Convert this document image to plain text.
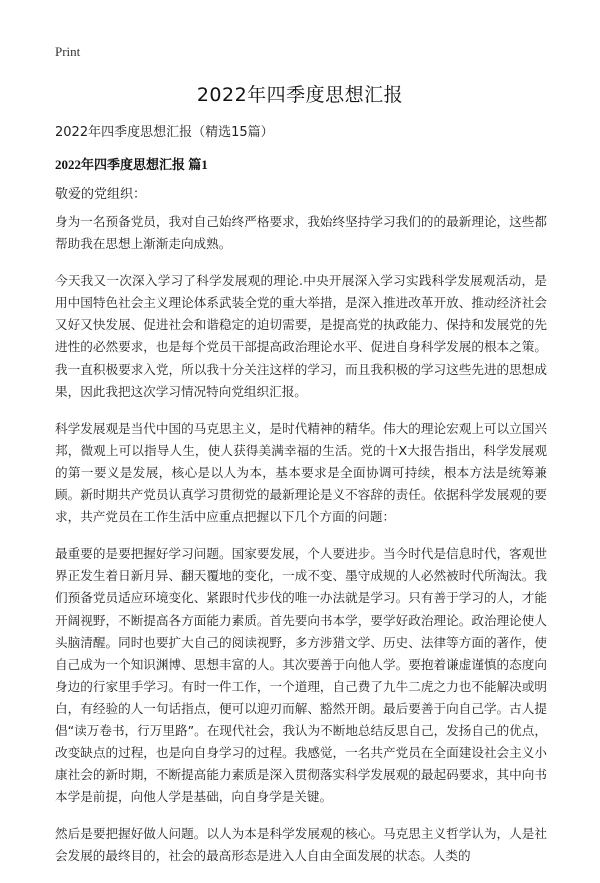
Print
2022年四季度思想汇报
2022年四季度思想汇报（精选15篇）
2022年四季度思想汇报 篇1
敬爱的党组织：

身为一名预备党员，我对自己始终严格要求，我始终坚持学习我们的的最新理论，这些都帮助我在思想上渐渐走向成熟。

今天我又一次深入学习了科学发展观的理论.中央开展深入学习实践科学发展观活动，是用中国特色社会主义理论体系武装全党的重大举措，是深入推进改革开放、推动经济社会又好又快发展、促进社会和谐稳定的迫切需要，是提高党的执政能力、保持和发展党的先进性的必然要求，也是每个党员干部提高政治理论水平、促进自身科学发展的根本之策。我一直积极要求入党，所以我十分关注这样的学习，而且我积极的学习这些先进的思想成果，因此我把这次学习情况特向党组织汇报。

科学发展观是当代中国的马克思主义，是时代精神的精华。伟大的理论宏观上可以立国兴邦，微观上可以指导人生，使人获得美满幸福的生活。党的十X大报告指出，科学发展观的第一要义是发展，核心是以人为本，基本要求是全面协调可持续，根本方法是统筹兼顾。新时期共产党员认真学习贯彻党的最新理论是义不容辞的责任。依据科学发展观的要求，共产党员在工作生活中应重点把握以下几个方面的问题：

最重要的是要把握好学习问题。国家要发展，个人要进步。当今时代是信息时代，客观世界正发生着日新月异、翻天覆地的变化，一成不变、墨守成规的人必然被时代所淘汰。我们预备党员适应环境变化、紧跟时代步伐的唯一办法就是学习。只有善于学习的人，才能开阔视野，不断提高各方面能力素质。首先要向书本学，要学好政治理论。政治理论使人头脑清醒。同时也要扩大自己的阅读视野，多方涉猎文学、历史、法律等方面的著作，使自己成为一个知识渊博、思想丰富的人。其次要善于向他人学。要抱着谦虚谨慎的态度向身边的行家里手学习。有时一件工作，一个道理，自己费了九牛二虎之力也不能解决或明白，有经验的人一句话指点，便可以迎刃而解、豁然开朗。最后要善于向自己学。古人提倡“读万卷书，行万里路”。在现代社会，我认为不断地总结反思自己，发扬自己的优点，改变缺点的过程，也是向自身学习的过程。我感觉，一名共产党员在全面建设社会主义小康社会的新时期，不断提高能力素质是深入贯彻落实科学发展观的最起码要求，其中向书本学是前提，向他人学是基础，向自身学是关键。

然后是要把握好做人问题。以人为本是科学发展观的核心。马克思主义哲学认为，人是社会发展的最终目的，社会的最高形态是进入人自由全面发展的状态。人类的
